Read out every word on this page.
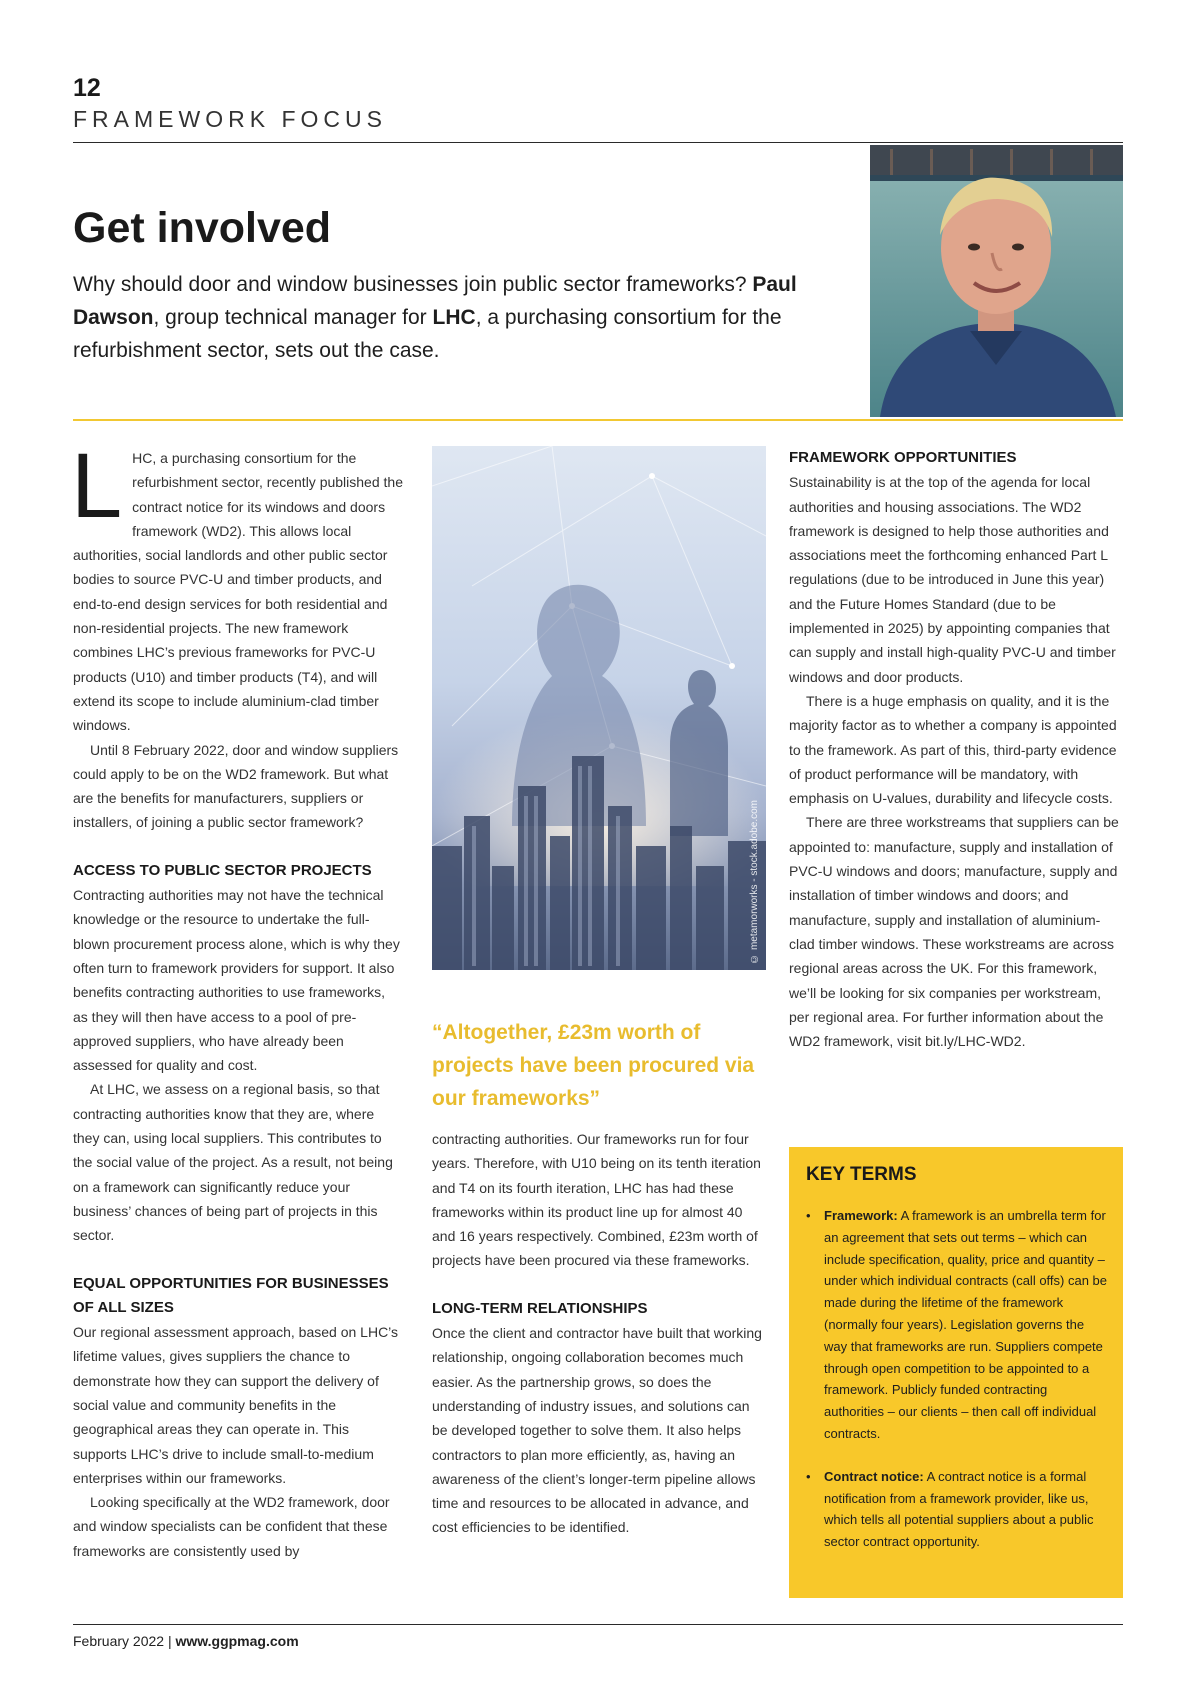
12
FRAMEWORK FOCUS
Get involved
Why should door and window businesses join public sector frameworks? Paul Dawson, group technical manager for LHC, a purchasing consortium for the refurbishment sector, sets out the case.

LHC, a purchasing consortium for the refurbishment sector, recently published the contract notice for its windows and doors framework (WD2). This allows local authorities, social landlords and other public sector bodies to source PVC-U and timber products, and end-to-end design services for both residential and non-residential projects. The new framework combines LHC’s previous frameworks for PVC-U products (U10) and timber products (T4), and will extend its scope to include aluminium-clad timber windows.

Until 8 February 2022, door and window suppliers could apply to be on the WD2 framework. But what are the benefits for manufacturers, suppliers or installers, of joining a public sector framework?

ACCESS TO PUBLIC SECTOR PROJECTS

Contracting authorities may not have the technical knowledge or the resource to undertake the full-blown procurement process alone, which is why they often turn to framework providers for support. It also benefits contracting authorities to use frameworks, as they will then have access to a pool of pre-approved suppliers, who have already been assessed for quality and cost.

At LHC, we assess on a regional basis, so that contracting authorities know that they are, where they can, using local suppliers. This contributes to the social value of the project. As a result, not being on a framework can significantly reduce your business’ chances of being part of projects in this sector.

EQUAL OPPORTUNITIES FOR BUSINESSES OF ALL SIZES

Our regional assessment approach, based on LHC’s lifetime values, gives suppliers the chance to demonstrate how they can support the delivery of social value and community benefits in the geographical areas they can operate in. This supports LHC’s drive to include small-to-medium enterprises within our frameworks.

Looking specifically at the WD2 framework, door and window specialists can be confident that these frameworks are consistently used by

© metamorworks - stock.adobe.com
“Altogether, £23m worth of projects have been procured via our frameworks”

contracting authorities. Our frameworks run for four years. Therefore, with U10 being on its tenth iteration and T4 on its fourth iteration, LHC has had these frameworks within its product line up for almost 40 and 16 years respectively. Combined, £23m worth of projects have been procured via these frameworks.

LONG-TERM RELATIONSHIPS

Once the client and contractor have built that working relationship, ongoing collaboration becomes much easier. As the partnership grows, so does the understanding of industry issues, and solutions can be developed together to solve them. It also helps contractors to plan more efficiently, as, having an awareness of the client’s longer-term pipeline allows time and resources to be allocated in advance, and cost efficiencies to be identified.

FRAMEWORK OPPORTUNITIES

Sustainability is at the top of the agenda for local authorities and housing associations. The WD2 framework is designed to help those authorities and associations meet the forthcoming enhanced Part L regulations (due to be introduced in June this year) and the Future Homes Standard (due to be implemented in 2025) by appointing companies that can supply and install high-quality PVC-U and timber windows and door products.

There is a huge emphasis on quality, and it is the majority factor as to whether a company is appointed to the framework. As part of this, third-party evidence of product performance will be mandatory, with emphasis on U-values, durability and lifecycle costs.

There are three workstreams that suppliers can be appointed to: manufacture, supply and installation of PVC-U windows and doors; manufacture, supply and installation of timber windows and doors; and manufacture, supply and installation of aluminium-clad timber windows. These workstreams are across regional areas across the UK. For this framework, we’ll be looking for six companies per workstream, per regional area. For further information about the WD2 framework, visit bit.ly/LHC-WD2.

KEY TERMS
• Framework: A framework is an umbrella term for an agreement that sets out terms – which can include specification, quality, price and quantity – under which individual contracts (call offs) can be made during the lifetime of the framework (normally four years). Legislation governs the way that frameworks are run. Suppliers compete through open competition to be appointed to a framework. Publicly funded contracting authorities – our clients – then call off individual contracts.
• Contract notice: A contract notice is a formal notification from a framework provider, like us, which tells all potential suppliers about a public sector contract opportunity.
February 2022 | www.ggpmag.com
